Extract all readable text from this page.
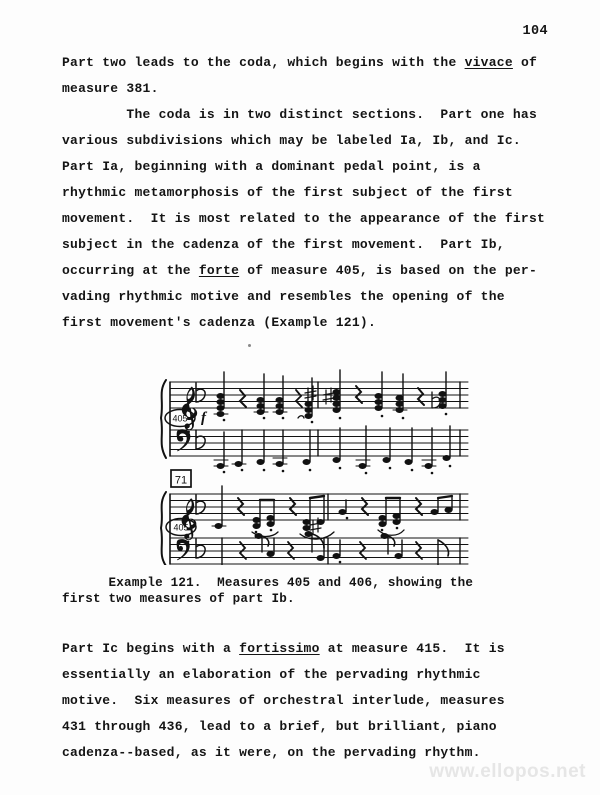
104
Part two leads to the coda, which begins with the vivace of
measure 381.
The coda is in two distinct sections.  Part one has
various subdivisions which may be labeled Ia, Ib, and Ic.
Part Ia, beginning with a dominant pedal point, is a
rhythmic metamorphosis of the first subject of the first
movement.  It is most related to the appearance of the first
subject in the cadenza of the first movement.  Part Ib,
occurring at the forte of measure 405, is based on the per-
vading rhythmic motive and resembles the opening of the
first movement's cadenza (Example 121).
405 f
71
405
Example 121.  Measures 405 and 406, showing the
first two measures of part Ib.
Part Ic begins with a fortissimo at measure 415.  It is
essentially an elaboration of the pervading rhythmic
motive.  Six measures of orchestral interlude, measures
431 through 436, lead to a brief, but brilliant, piano
cadenza--based, as it were, on the pervading rhythm.
www.ellopos.net
